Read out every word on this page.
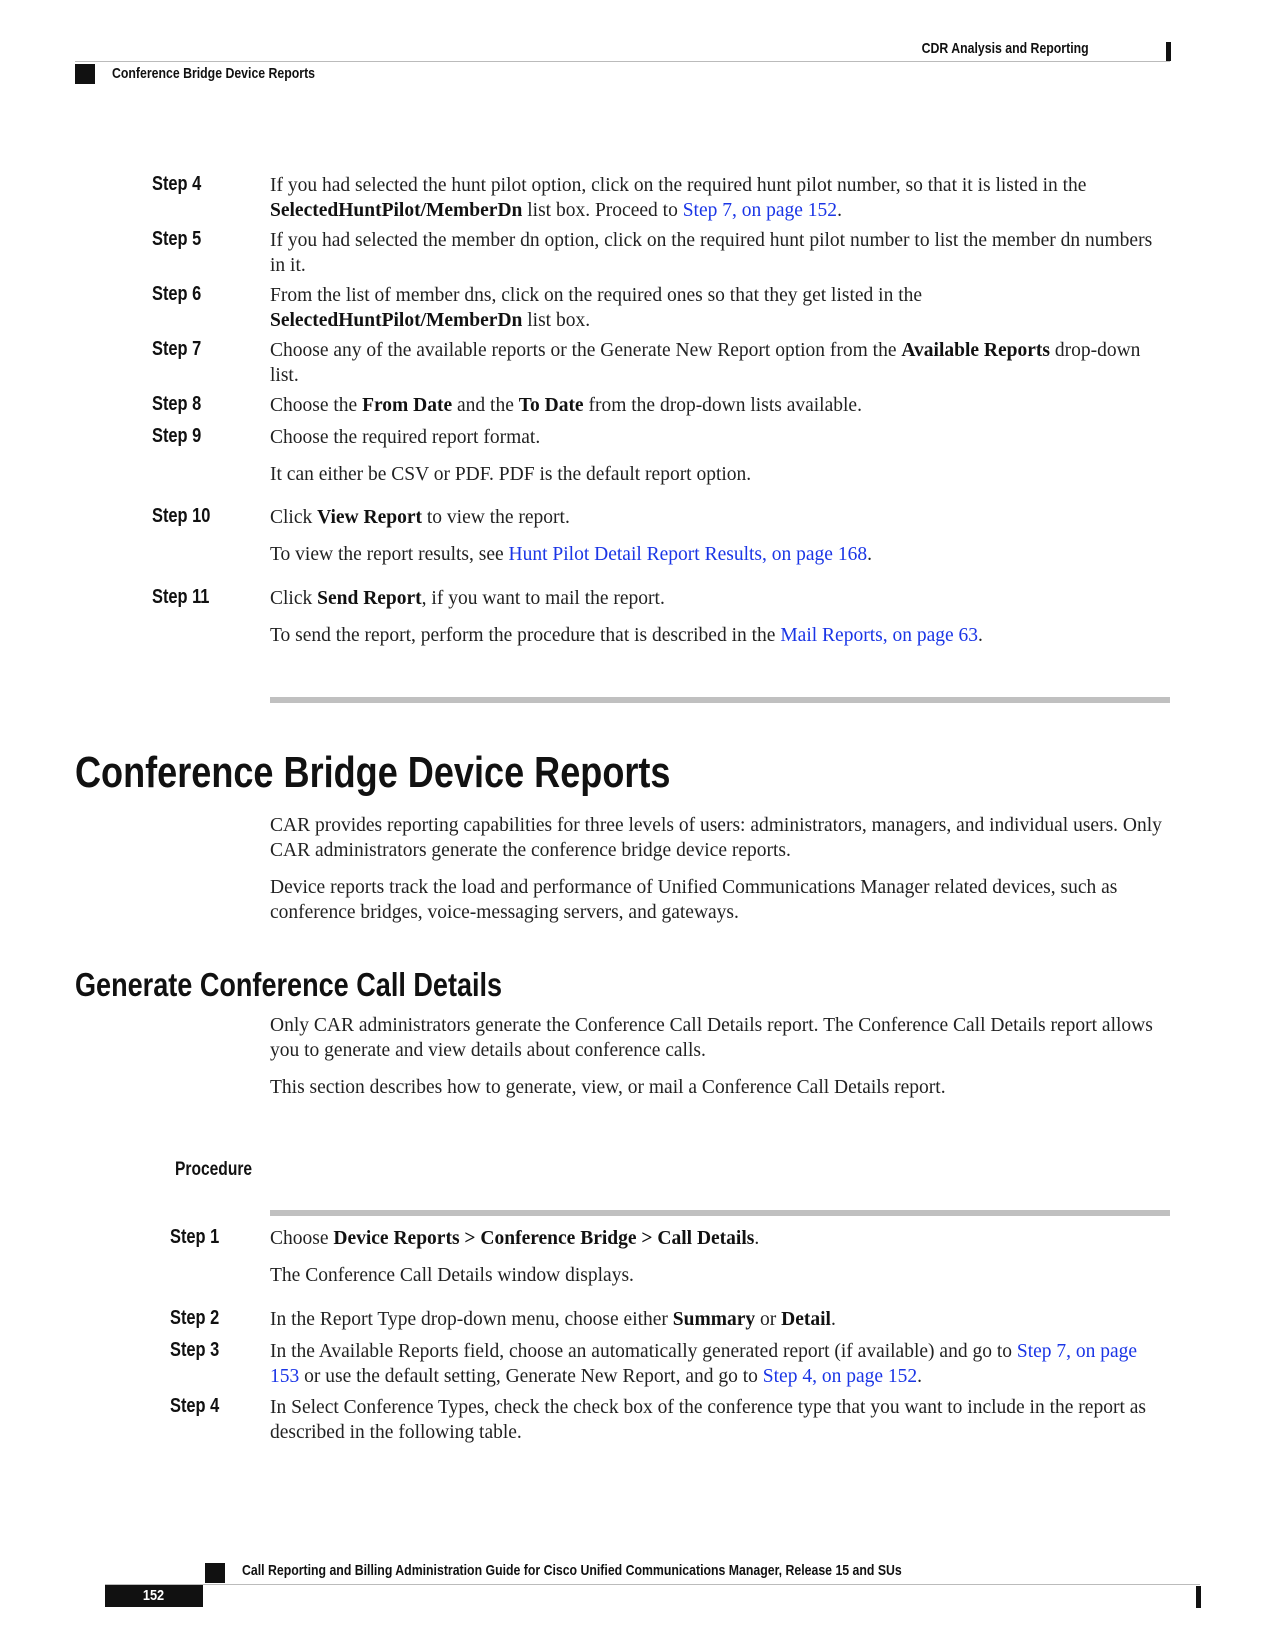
CDR Analysis and Reporting
Conference Bridge Device Reports
Step 4	If you had selected the hunt pilot option, click on the required hunt pilot number, so that it is listed in the SelectedHuntPilot/MemberDn list box. Proceed to Step 7, on page 152.
Step 5	If you had selected the member dn option, click on the required hunt pilot number to list the member dn numbers in it.
Step 6	From the list of member dns, click on the required ones so that they get listed in the SelectedHuntPilot/MemberDn list box.
Step 7	Choose any of the available reports or the Generate New Report option from the Available Reports drop-down list.
Step 8	Choose the From Date and the To Date from the drop-down lists available.
Step 9	Choose the required report format.
It can either be CSV or PDF. PDF is the default report option.
Step 10	Click View Report to view the report.
To view the report results, see Hunt Pilot Detail Report Results, on page 168.
Step 11	Click Send Report, if you want to mail the report.
To send the report, perform the procedure that is described in the Mail Reports, on page 63.
Conference Bridge Device Reports
CAR provides reporting capabilities for three levels of users: administrators, managers, and individual users. Only CAR administrators generate the conference bridge device reports.
Device reports track the load and performance of Unified Communications Manager related devices, such as conference bridges, voice-messaging servers, and gateways.
Generate Conference Call Details
Only CAR administrators generate the Conference Call Details report. The Conference Call Details report allows you to generate and view details about conference calls.
This section describes how to generate, view, or mail a Conference Call Details report.
Procedure
Step 1	Choose Device Reports > Conference Bridge > Call Details.
The Conference Call Details window displays.
Step 2	In the Report Type drop-down menu, choose either Summary or Detail.
Step 3	In the Available Reports field, choose an automatically generated report (if available) and go to Step 7, on page 153 or use the default setting, Generate New Report, and go to Step 4, on page 152.
Step 4	In Select Conference Types, check the check box of the conference type that you want to include in the report as described in the following table.
Call Reporting and Billing Administration Guide for Cisco Unified Communications Manager, Release 15 and SUs
152
